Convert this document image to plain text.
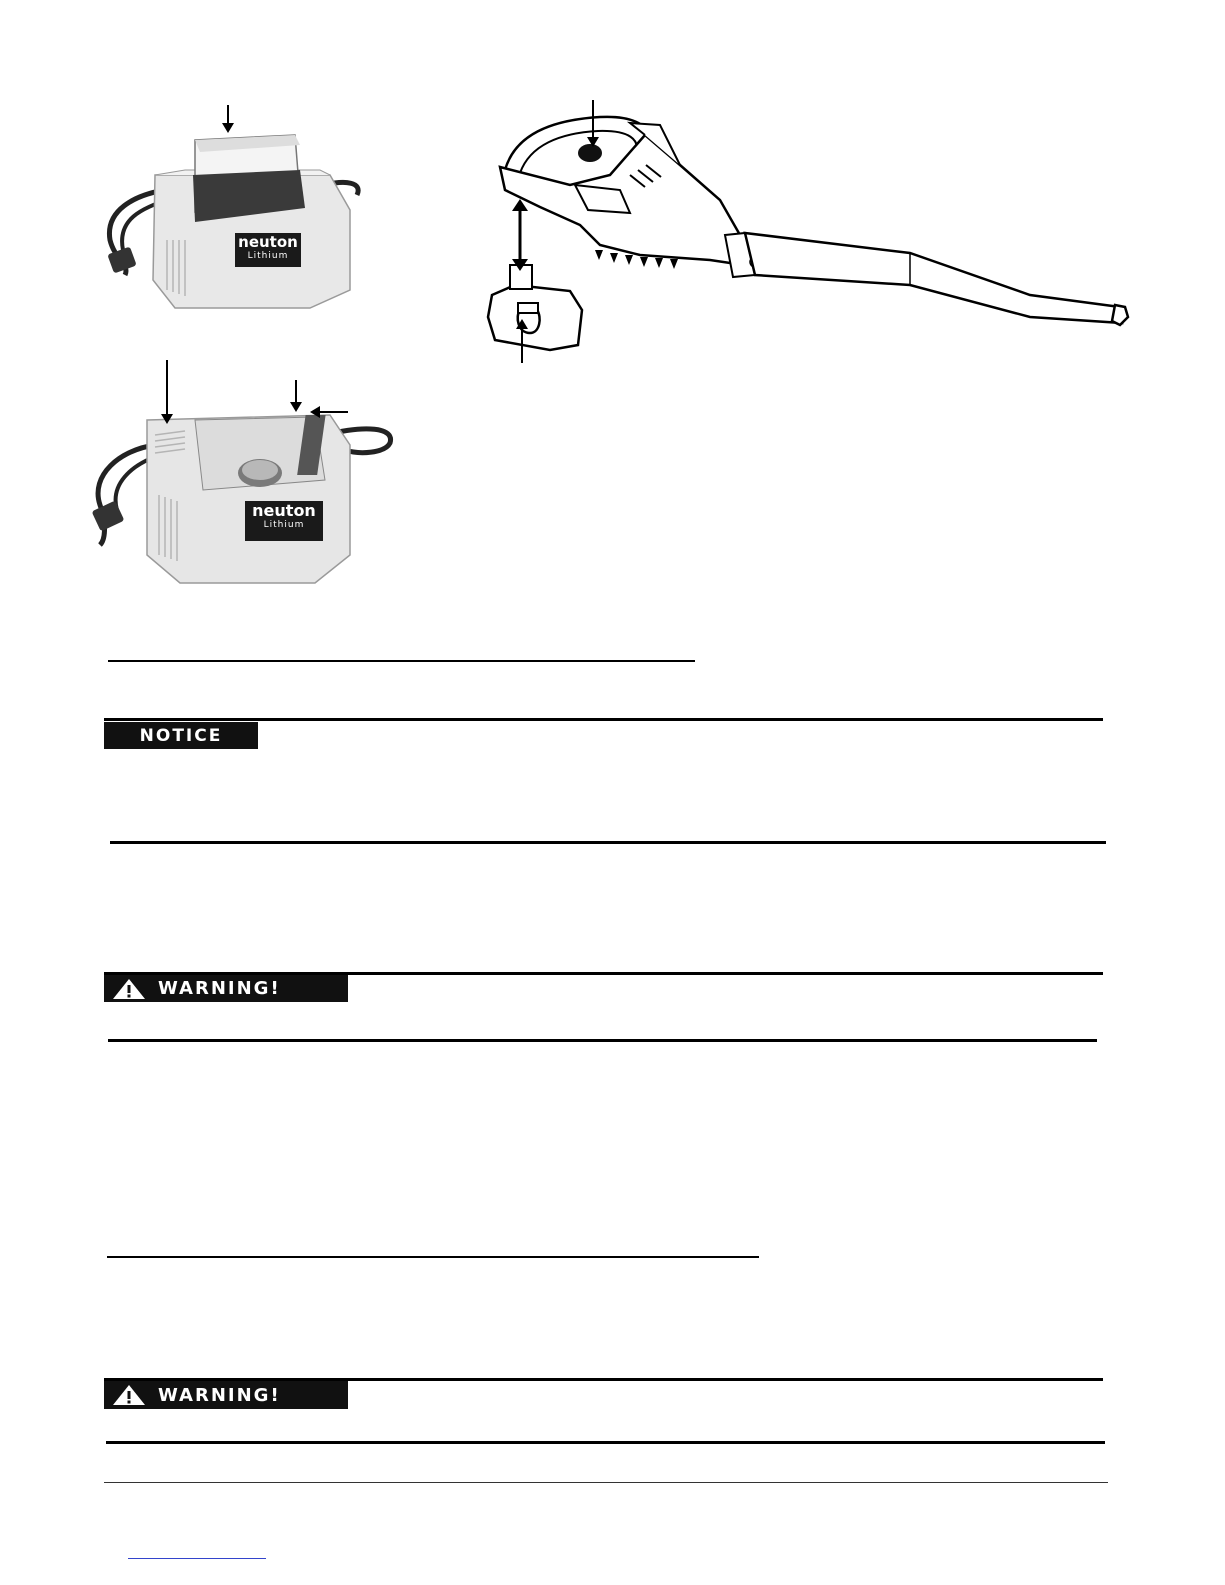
neuton
Lithium
neuton
Lithium
NOTICE
WARNING!
WARNING!
